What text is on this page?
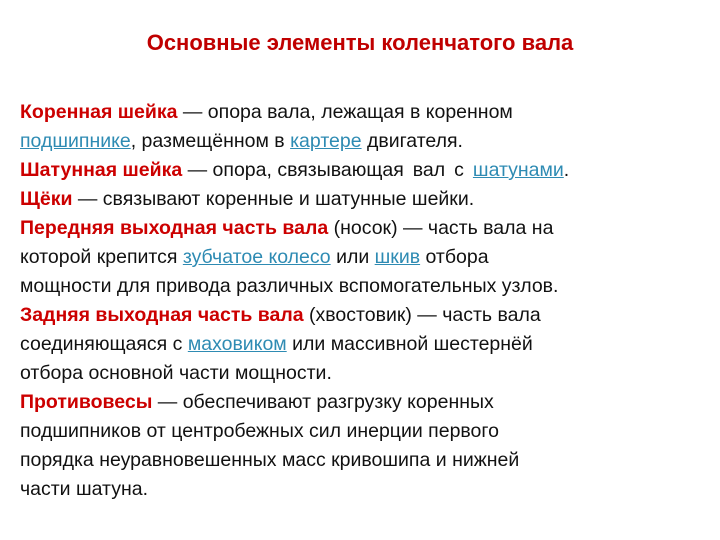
Основные элементы коленчатого вала
Коренная шейка — опора вала, лежащая в коренном
подшипнике, размещённом в картере двигателя.
Шатунная шейка — опора, связывающая вал с шатунами.
Щёки — связывают коренные и шатунные шейки.
Передняя выходная часть вала (носок) — часть вала на
которой крепится зубчатое колесо или шкив отбора
мощности для привода различных вспомогательных узлов.
Задняя выходная часть вала (хвостовик) — часть вала
соединяющаяся с маховиком или массивной шестернёй
отбора основной части мощности.
Противовесы — обеспечивают разгрузку коренных
подшипников от центробежных сил инерции первого
порядка неуравновешенных масс кривошипа и нижней
части шатуна.
